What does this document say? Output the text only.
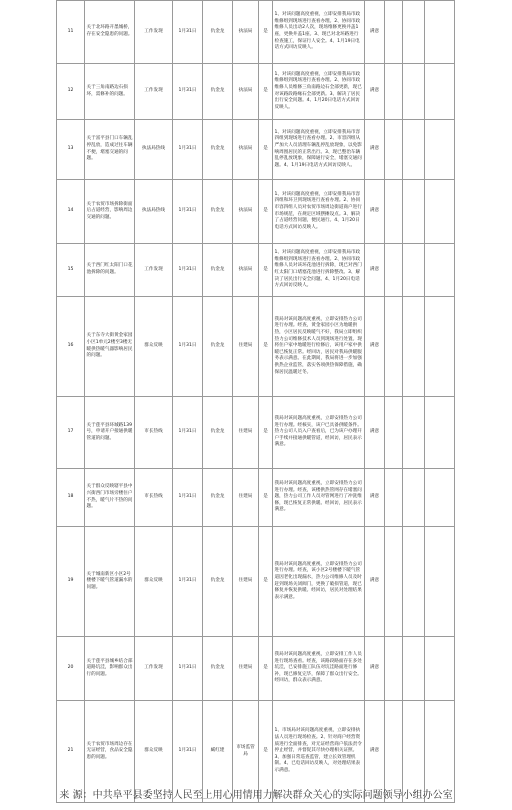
11	关于北环路开墨城桥，存在安全隐患的问题。	工作发现	1月31日	仇金龙	执法局	是	1、对该问题高度重视，立即安排我局市政维修组到现场进行查看办理。2、协同市政维修人员出动2人次，现场维修更换井盖1座，更换井盖1座。3、现已对北环路进行检查施工，保证行人安全。4、1月19日电话方式回访反映人。	满意			
12	关于三角南路边石损坏，需修补的问题。	工作发现	1月31日	仇金龙	执法局	是	1、对该问题高度重视，立即安排我局市政维修组到现场进行查看办理。2、协同市政维修人员维修三角南路边石全部更新，现已对该路段路缘石全部更新。3、解决了居民出行安全问题。4、1月20日电话方式回访反映人。	满意			
13	关于富平县门口车辆乱停乱放，造成过往车辆不便，堵塞交通的问题。	执法局热线	1月31日	仇金龙	执法局	是	1、对该问题高度重视，立即安排我局市容四组到现场进行查看办理。2、市容四组从严加大人员清理车辆乱停乱放现象，以免影响周围居民的正常出行。3、现已整治车辆乱停乱放现象，保障通行安全，堵塞交通问题。4、1月19日电话方式回访反映人。	满意			
14	关于农贸市场拆除街面后占道经营，影响周边交通的问题。	执法局热线	1月31日	仇金龙	执法局	是	1、对该问题高度重视，立即安排我局市容四组和环卫到现场进行查看办理。2、协同市容四组人员对农贸市场周边街道商户进行市场规范，在规定区域摆摊设点。3、解决了占道经营问题，便民通行。4、1月20日电话方式回访反映人。	满意			
15	关于西门红太阳门口花池拆除的问题。	工作发现	1月31日	仇金龙	执法局	是	1、对该问题高度重视，立即安排我局市政维修组到现场进行查看办理。2、协同市政维修人员对该环花池进行拆除，现已对西门红太阳门口堵塞花池进行拆除整改。3、解决了居民出行安全问题。4、1月20日电话方式回访反映人。	满意			
16	关于东寺大街黄金家园小区1单元2楼至3楼无暖供热暖气器影响居民的问题。	群众反映	1月31日	仇金龙	住建局	是	我局对该问题高度重视，立即安排热力公司进行办理。经查，黄金家园小区为地暖供热，小区居民反映暖气不好，我局立即组织热力公司维修技术人员到现场进行处置。现将住户家中地暖进行检修后，该用户家中供暖已恢复正常。经回访，居民对我局供暖服务表示满意。在此期间，我局将进一步加强供热企业监管，落实各项供热保障措施，确保居民温暖过冬。	满意			
17	关于莲平县环城路139号，申请开户接通供暖管道的问题。	市长热线	1月31日	仇金龙	住建局	是	我局对该问题高度重视，立即安排热力公司进行办理。经核实，该户已具备供暖条件。热力公司人员入户查看后，已为该户办理开户手续并接通供暖管道，经回访，居民表示满意。	满意			
18	关于群众反映辖平县中兴街西门市场旁楼住户不热，暖气片不热的问题。	市长热线	1月31日	仇金龙	住建局	是	我局对该问题高度重视，立即安排热力公司进行办理。经查，该楼供热管网存在堵塞问题，热力公司工作人员对管网进行了冲洗维修，现已恢复正常供暖。经回访，居民表示满意。	满意			
19	关于城南新区小区2号楼楼下暖气管道漏水的问题。	群众反映	1月31日	仇金龙	住建局	是	我局对该问题高度重视，立即安排热力公司进行办理。经查，该小区2号楼楼下暖气管道因老化出现漏水，热力公司维修人员及时赶到现场关闭阀门，更换了破损管道，现已修复并恢复供暖。经回访，居民对处理结果表示满意。	满意			
20	关于莲平县城乡结合部道路坑洼，影响群众出行的问题。	工作发现	1月31日	仇金龙	住建局	是	我局对该问题高度重视，立即安排工作人员进行现场查看。经查，该路段路面存在多处坑洼，已安排施工队伍对坑洼路面进行修补，现已修复完毕，保障了群众出行安全。经回访，群众表示满意。	满意			
21	关于农贸市场周边存在无证经营，食品安全隐患的问题。	群众反映	1月31日	臧红建	市场监管局	是	1、市场局对该问题高度重视，立即安排执法人员进行现场检查。2、针对商户经营资质进行全面排查，对无证经营商户依法责令停止经营，并督促其尽快办理相关证照。3、加强日常巡查监管，建立长效管理机制。4、已电话回访反映人，对处理结果表示满意。	满意			
来 源：中共阜平县委坚持人民至上用心用情用力解决群众关心的实际问题领导小组办公室
